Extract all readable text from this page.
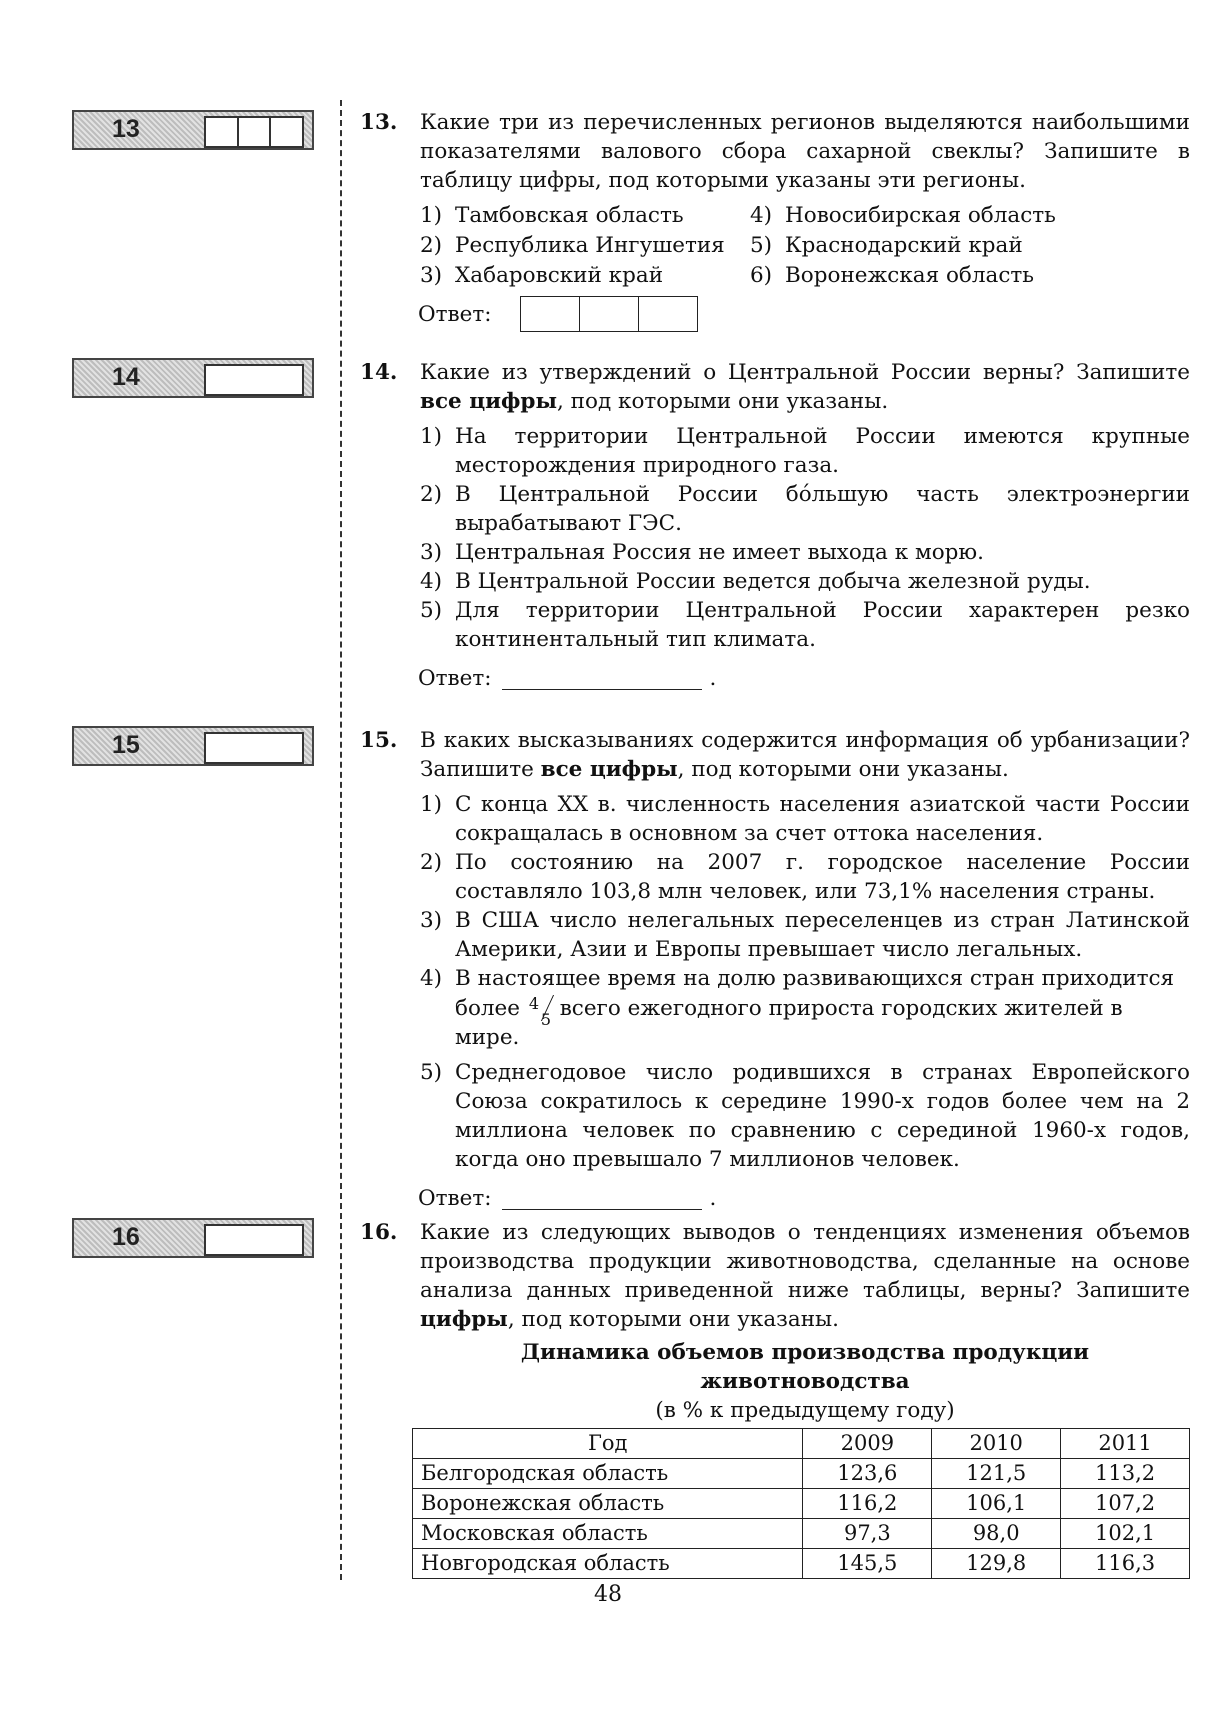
13
14
15
16
13. Какие три из перечисленных регионов выделяются наибольшими показателями валового сбора сахарной свеклы? Запишите в таблицу цифры, под которыми указаны эти регионы.
1) Тамбовская область	4) Новосибирская область
2) Республика Ингушетия	5) Краснодарский край
3) Хабаровский край	6) Воронежская область
Ответ:
14. Какие из утверждений о Центральной России верны? Запишите все цифры, под которыми они указаны.
1) На территории Центральной России имеются крупные месторождения природного газа.
2) В Центральной России бо́льшую часть электроэнергии вырабатывают ГЭС.
3) Центральная Россия не имеет выхода к морю.
4) В Центральной России ведется добыча железной руды.
5) Для территории Центральной России характерен резко континентальный тип климата.
Ответ:	.
15. В каких высказываниях содержится информация об урбанизации? Запишите все цифры, под которыми они указаны.
1) С конца XX в. численность населения азиатской части России сокращалась в основном за счет оттока населения.
2) По состоянию на 2007 г. городское население России составляло 103,8 млн человек, или 73,1% населения страны.
3) В США число нелегальных переселенцев из стран Латинской Америки, Азии и Европы превышает число легальных.
4) В настоящее время на долю развивающихся стран приходится более 4
5 всего ежегодного прироста городских жителей в мире.
5) Среднегодовое число родившихся в странах Европейского Союза сократилось к середине 1990-х годов более чем на 2 миллиона человек по сравнению с серединой 1960-х годов, когда оно превышало 7 миллионов человек.
Ответ:	.
16. Какие из следующих выводов о тенденциях изменения объемов производства продукции животноводства, сделанные на основе анализа данных приведенной ниже таблицы, верны? Запишите цифры, под которыми они указаны.
Динамика объемов производства продукции животноводства
(в % к предыдущему году)
Год	2009	2010	2011
Белгородская область	123,6	121,5	113,2
Воронежская область	116,2	106,1	107,2
Московская область	97,3	98,0	102,1
Новгородская область	145,5	129,8	116,3
48
